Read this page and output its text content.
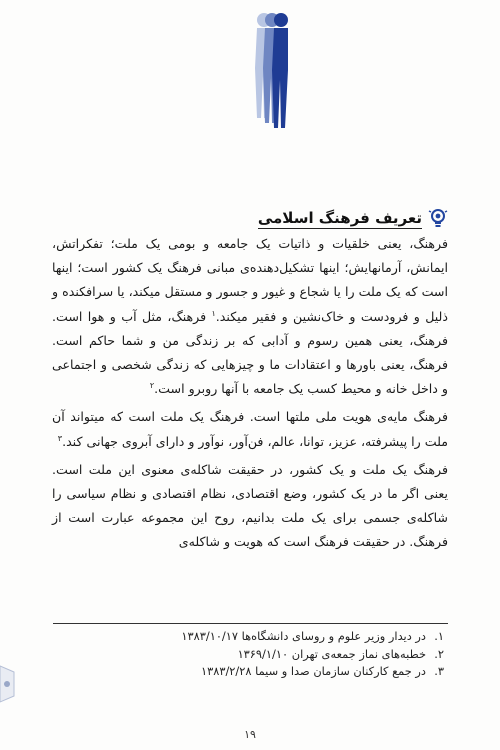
تعریف فرهنگ اسلامی

فرهنگ، یعنی خلقیات و ذاتیات یک جامعه و بومی یک ملت؛ تفکراتش، ایمانش، آرمانهایش؛ اینها تشکیل‌دهنده‌ی مبانی فرهنگ یک کشور است؛ اینها است که یک ملت را یا شجاع و غیور و جسور و مستقل میکند، یا سرافکنده و ذلیل و فرودست و خاک‌نشین و فقیر میکند.$^۱$ فرهنگ، مثل آب و هوا است. فرهنگ، یعنی همین رسوم و آدابی که بر زندگی من و شما حاکم است. فرهنگ، یعنی باورها و اعتقادات ما و چیزهایی که زندگی شخصی و اجتماعی و داخل خانه و محیط کسب یک جامعه با آنها روبرو است.$^۲$

فرهنگ مایه‌ی هویت ملی ملتها است. فرهنگ یک ملت است که میتواند آن ملت را پیشرفته، عزیز، توانا، عالم، فن‌آور، نوآور و دارای آبروی جهانی کند.$^۳$

فرهنگ یک ملت و یک کشور، در حقیقت شاکله‌ی معنوی این ملت است. یعنی اگر ما در یک کشور، وضع اقتصادی، نظام اقتصادی و نظام سیاسی را شاکله‌ی جسمی برای یک ملت بدانیم، روح این مجموعه عبارت است از فرهنگ. در حقیقت فرهنگ است که هویت و شاکله‌ی

۱.
در دیدار وزیر علوم و روسای دانشگاه‌ها ۱۳۸۳/۱۰/۱۷
۲.
خطبه‌های نماز جمعه‌ی تهران ۱۳۶۹/۱/۱۰
۳.
در جمع کارکنان سازمان صدا و سیما ۱۳۸۳/۲/۲۸
۱۹
